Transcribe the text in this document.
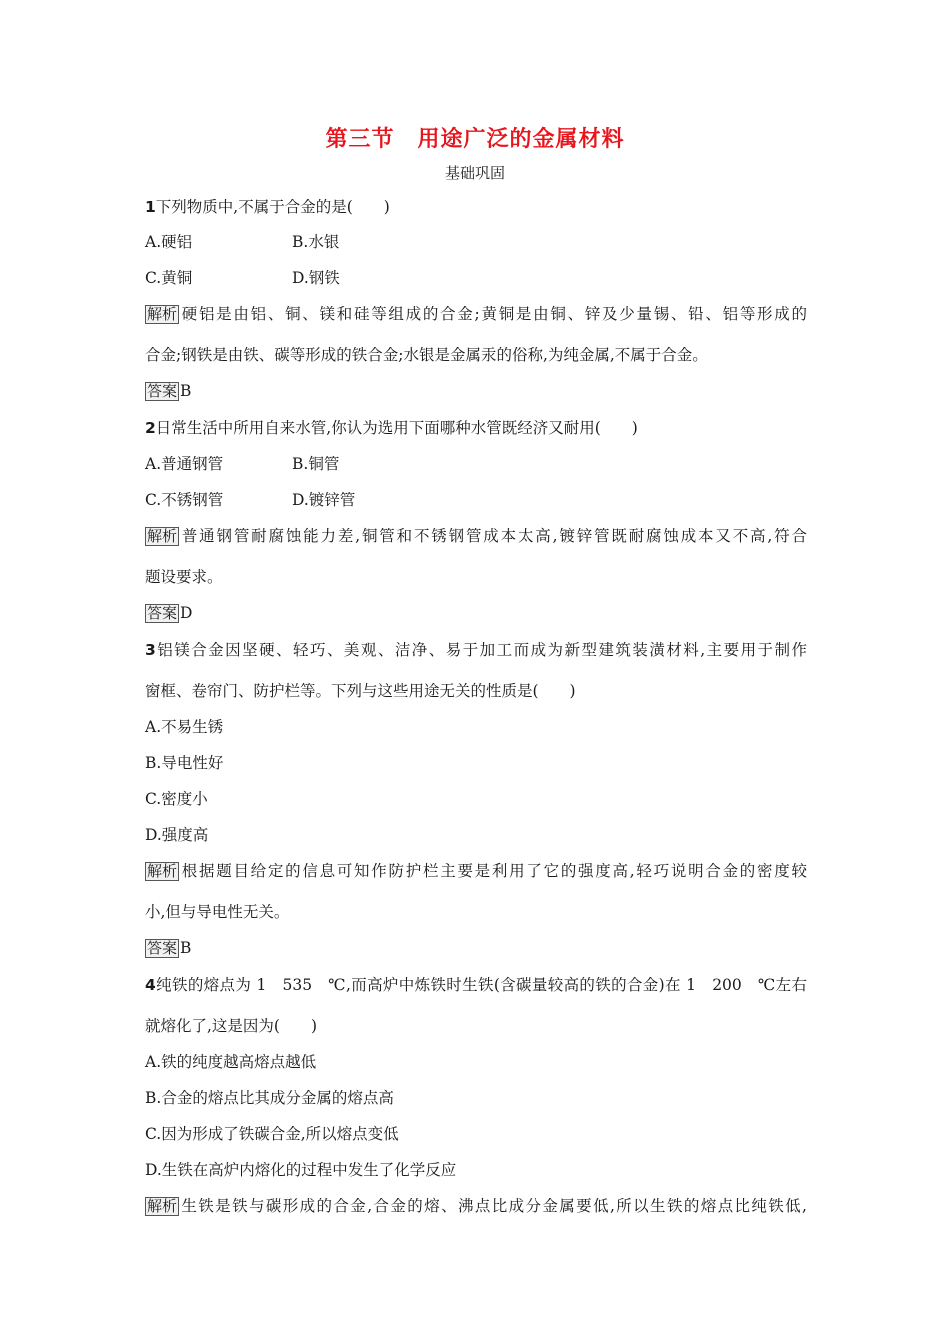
第三节　用途广泛的金属材料
基础巩固
1下列物质中,不属于合金的是(　　)
A.硬铝	B.水银
C.黄铜	D.钢铁
解析 硬铝是由铝、铜、镁和硅等组成的合金;黄铜是由铜、锌及少量锡、铅、铝等形成的
合金;钢铁是由铁、碳等形成的铁合金;水银是金属汞的俗称,为纯金属,不属于合金。
答案 B
2日常生活中所用自来水管,你认为选用下面哪种水管既经济又耐用(　　)
A.普通钢管	B.铜管
C.不锈钢管	D.镀锌管
解析 普通钢管耐腐蚀能力差,铜管和不锈钢管成本太高,镀锌管既耐腐蚀成本又不高,符合
题设要求。
答案 D
3铝镁合金因坚硬、轻巧、美观、洁净、易于加工而成为新型建筑装潢材料,主要用于制作
窗框、卷帘门、防护栏等。下列与这些用途无关的性质是(　　)
A.不易生锈
B.导电性好
C.密度小
D.强度高
解析 根据题目给定的信息可知作防护栏主要是利用了它的强度高,轻巧说明合金的密度较
小,但与导电性无关。
答案 B
4纯铁的熔点为 1　535　℃,而高炉中炼铁时生铁(含碳量较高的铁的合金)在 1　200　℃左右
就熔化了,这是因为(　　)
A.铁的纯度越高熔点越低
B.合金的熔点比其成分金属的熔点高
C.因为形成了铁碳合金,所以熔点变低
D.生铁在高炉内熔化的过程中发生了化学反应
解析 生铁是铁与碳形成的合金,合金的熔、沸点比成分金属要低,所以生铁的熔点比纯铁低,
